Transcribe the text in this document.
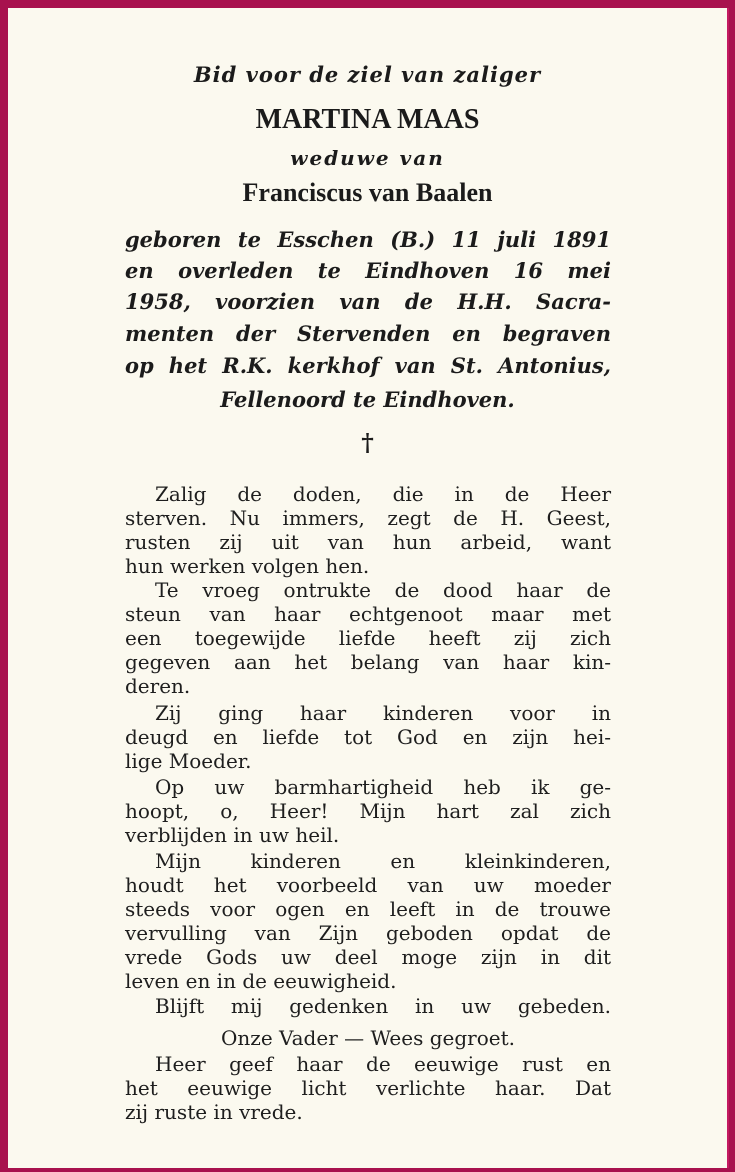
Bid voor de ziel van zaliger
MARTINA MAAS
weduwe van
Franciscus van Baalen
geboren te Esschen (B.) 11 juli 1891
en overleden te Eindhoven 16 mei
1958, voorzien van de H.H. Sacra-
menten der Stervenden en begraven
op het R.K. kerkhof van St. Antonius,
Fellenoord te Eindhoven.
†
Zalig de doden, die in de Heer
sterven. Nu immers, zegt de H. Geest,
rusten zij uit van hun arbeid, want
hun werken volgen hen.
Te vroeg ontrukte de dood haar de
steun van haar echtgenoot maar met
een toegewijde liefde heeft zij zich
gegeven aan het belang van haar kin-
deren.
Zij ging haar kinderen voor in
deugd en liefde tot God en zijn hei-
lige Moeder.
Op uw barmhartigheid heb ik ge-
hoopt, o, Heer! Mijn hart zal zich
verblijden in uw heil.
Mijn kinderen en kleinkinderen,
houdt het voorbeeld van uw moeder
steeds voor ogen en leeft in de trouwe
vervulling van Zijn geboden opdat de
vrede Gods uw deel moge zijn in dit
leven en in de eeuwigheid.
Blijft mij gedenken in uw gebeden.
Onze Vader — Wees gegroet.
Heer geef haar de eeuwige rust en
het eeuwige licht verlichte haar. Dat
zij ruste in vrede.
